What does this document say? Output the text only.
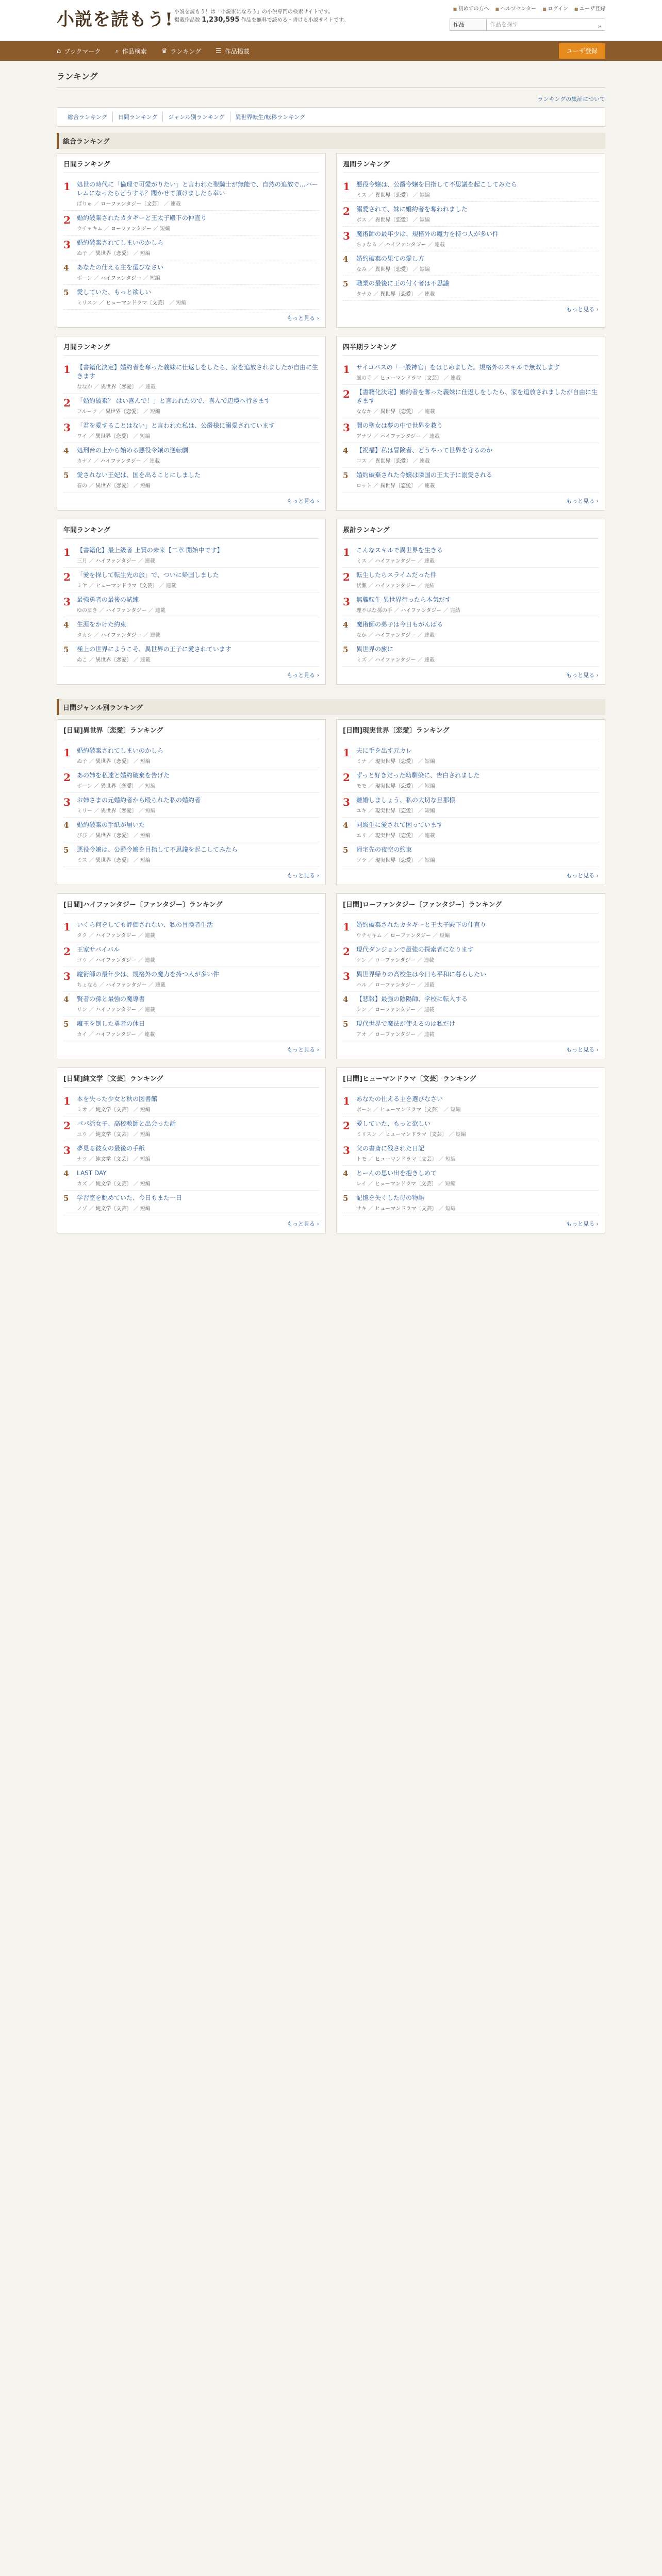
小説を読もう! 小説を読もう！は「小説家になろう」の小説専門の検索サイトです。
掲載作品数 1,230,595 作品を無料で読める・書ける小説サイトです。
■ 初めての方へ	■ ヘルプセンター	■ ログイン	■ ユーザ登録
作品	作品を探す	⌕
⌂ ブックマーク ⌕ 作品検索 ♛ ランキング ☰ 作品掲載	ユーザ登録
ランキング
ランキングの集計について
総合ランキング	日間ランキング	ジャンル別ランキング	異世界転生/転移ランキング
総合ランキング
日間ランキング
1	処世の時代に「倫理で可愛がりたい」と言われた聖騎士が無能で、自然の追放で…ハーレムになったらどうする？聞かせて頂けましたら幸い
ばりゅ ／ ローファンタジー〔文芸〕 ／ 連載
2	婚約破棄されたカタギーと王太子殿下の仲直り
ウチャキム ／ ローファンタジー ／ 短編
3	婚約破棄されてしまいのかしら
ぬ子 ／ 異世界〔恋愛〕 ／ 短編
4	あなたの仕える主を選びなさい
ボーン ／ ハイファンタジー ／ 短編
5	愛していた、もっと欲しい
ミリスン ／ ヒューマンドラマ〔文芸〕 ／ 短編
もっと見る ›
週間ランキング
1	悪役令嬢は、公爵令嬢を目指して不思議を起こしてみたら
ミス ／ 異世界〔恋愛〕 ／ 短編
2	溺愛されて、妹に婚約者を奪われました
ボス ／ 異世界〔恋愛〕 ／ 短編
3	魔術師の最年少は、規格外の魔力を持つ人が多い件
ちょなる ／ ハイファンタジー ／ 連載
4	婚約破棄の果ての愛し方
なみ ／ 異世界〔恋愛〕 ／ 短編
5	職業の最後に王の付く者は不思議
タナカ ／ 異世界〔恋愛〕 ／ 連載
もっと見る ›
月間ランキング
1	【書籍化決定】婚約者を奪った義妹に仕返しをしたら、家を追放されましたが自由に生きます
ななか ／ 異世界〔恋愛〕 ／ 連載
2	「婚約破棄？ はい喜んで！」と言われたので、喜んで辺境へ行きます
フルーツ ／ 異世界〔恋愛〕 ／ 短編
3	「君を愛することはない」と言われた私は、公爵様に溺愛されています
ワイ ／ 異世界〔恋愛〕 ／ 短編
4	処刑台の上から始める悪役令嬢の逆転劇
カナノ ／ ハイファンタジー ／ 連載
5	愛されない王妃は、国を出ることにしました
春の ／ 異世界〔恋愛〕 ／ 短編
もっと見る ›
四半期ランキング
1	サイコパスの「一般神官」をはじめました。規格外のスキルで無双します
風の寺 ／ ヒューマンドラマ〔文芸〕 ／ 連載
2	【書籍化決定】婚約者を奪った義妹に仕返しをしたら、家を追放されましたが自由に生きます
ななか ／ 異世界〔恋愛〕 ／ 連載
3	闇の聖女は夢の中で世界を救う
アナツ ／ ハイファンタジー ／ 連載
4	【祝福】私は冒険者、どうやって世界を守るのか
コス ／ 異世界〔恋愛〕 ／ 連載
5	婚約破棄された令嬢は隣国の王太子に溺愛される
ロット ／ 異世界〔恋愛〕 ／ 連載
もっと見る ›
年間ランキング
1	【書籍化】最上級者 上質の未来【二章 開始中です】
三月 ／ ハイファンタジー ／ 連載
2	「愛を探して転生先の旅」で、ついに帰国しました
ミヤ ／ ヒューマンドラマ〔文芸〕 ／ 連載
3	最強勇者の最後の試練
ゆのまき ／ ハイファンタジー ／ 連載
4	生涯をかけた約束
タカシ ／ ハイファンタジー ／ 連載
5	極上の世界にようこそ、異世界の王子に愛されています
ぬこ ／ 異世界〔恋愛〕 ／ 連載
もっと見る ›
累計ランキング
1	こんなスキルで異世界を生きる
ミス ／ ハイファンタジー ／ 連載
2	転生したらスライムだった件
伏瀬 ／ ハイファンタジー ／ 完結
3	無職転生 異世界行ったら本気だす
理不尽な孫の手 ／ ハイファンタジー ／ 完結
4	魔術師の弟子は今日もがんばる
なか ／ ハイファンタジー ／ 連載
5	異世界の旅に
ミズ ／ ハイファンタジー ／ 連載
もっと見る ›
日間ジャンル別ランキング
[日間]異世界〔恋愛〕ランキング
1	婚約破棄されてしまいのかしら
ぬ子 ／ 異世界〔恋愛〕 ／ 短編
2	あの姉を私達と婚約破棄を告げた
ボーン ／ 異世界〔恋愛〕 ／ 短編
3	お姉さまの元婚約者から殴られた私の婚約者
ミリー ／ 異世界〔恋愛〕 ／ 短編
4	婚約破棄の手紙が届いた
ぴぴ ／ 異世界〔恋愛〕 ／ 短編
5	悪役令嬢は、公爵令嬢を目指して不思議を起こしてみたら
ミス ／ 異世界〔恋愛〕 ／ 短編
もっと見る ›
[日間]現実世界〔恋愛〕ランキング
1	夫に手を出す元カレ
ミナ ／ 現実世界〔恋愛〕 ／ 短編
2	ずっと好きだった幼馴染に、告白されました
モモ ／ 現実世界〔恋愛〕 ／ 短編
3	離婚しましょう、私の大切な旦那様
ユキ ／ 現実世界〔恋愛〕 ／ 短編
4	同級生に愛されて困っています
エリ ／ 現実世界〔恋愛〕 ／ 連載
5	帰宅先の夜空の約束
ソラ ／ 現実世界〔恋愛〕 ／ 短編
もっと見る ›
[日間]ハイファンタジー〔ファンタジー〕ランキング
1	いくら何をしても評価されない、私の冒険者生活
タク ／ ハイファンタジー ／ 連載
2	王家サバイバル
ゴウ ／ ハイファンタジー ／ 連載
3	魔術師の最年少は、規格外の魔力を持つ人が多い件
ちょなる ／ ハイファンタジー ／ 連載
4	賢者の孫と最強の魔導書
リン ／ ハイファンタジー ／ 連載
5	魔王を倒した勇者の休日
カイ ／ ハイファンタジー ／ 連載
もっと見る ›
[日間]ローファンタジー〔ファンタジー〕ランキング
1	婚約破棄されたカタギーと王太子殿下の仲直り
ウチャキム ／ ローファンタジー ／ 短編
2	現代ダンジョンで最強の探索者になります
ケン ／ ローファンタジー ／ 連載
3	異世界帰りの高校生は今日も平和に暮らしたい
ハル ／ ローファンタジー ／ 連載
4	【悲報】最強の陰陽師、学校に転入する
シン ／ ローファンタジー ／ 連載
5	現代世界で魔法が使えるのは私だけ
アオ ／ ローファンタジー ／ 連載
もっと見る ›
[日間]純文学〔文芸〕ランキング
1	本を失った少女と秋の図書館
ミオ ／ 純文学〔文芸〕 ／ 短編
2	パパ活女子、高校教師と出会った話
ユウ ／ 純文学〔文芸〕 ／ 短編
3	夢見る彼女の最後の手紙
ナツ ／ 純文学〔文芸〕 ／ 短編
4	LAST DAY
カズ ／ 純文学〔文芸〕 ／ 短編
5	学習室を眺めていた、今日もまた一日
ノゾ ／ 純文学〔文芸〕 ／ 短編
もっと見る ›
[日間]ヒューマンドラマ〔文芸〕ランキング
1	あなたの仕える主を選びなさい
ボーン ／ ヒューマンドラマ〔文芸〕 ／ 短編
2	愛していた、もっと欲しい
ミリスン ／ ヒューマンドラマ〔文芸〕 ／ 短編
3	父の書斎に残された日記
トモ ／ ヒューマンドラマ〔文芸〕 ／ 短編
4	とーんの思い出を抱きしめて
レイ ／ ヒューマンドラマ〔文芸〕 ／ 短編
5	記憶を失くした母の物語
サキ ／ ヒューマンドラマ〔文芸〕 ／ 短編
もっと見る ›
